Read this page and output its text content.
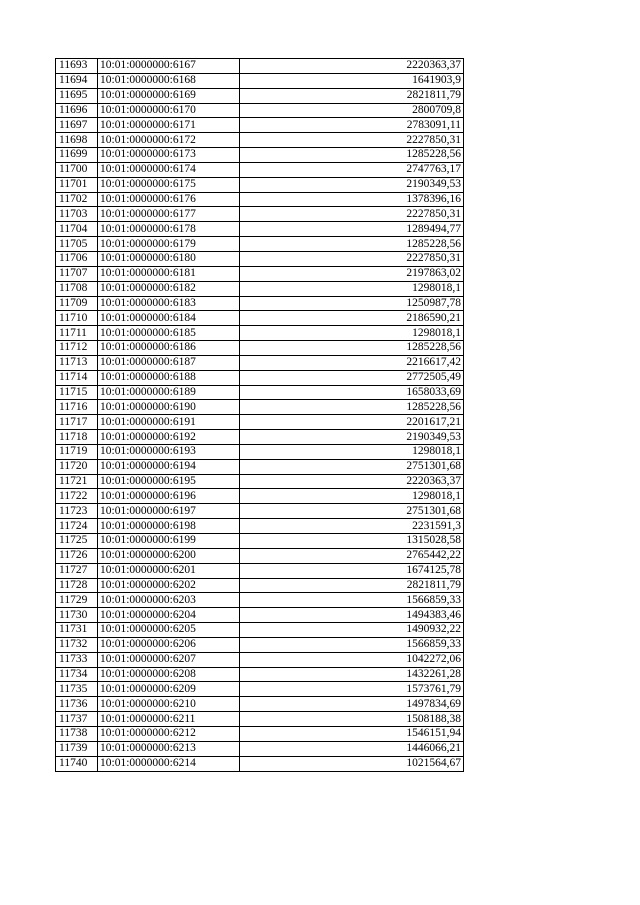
11693	10:01:0000000:6167	2220363,37
11694	10:01:0000000:6168	1641903,9
11695	10:01:0000000:6169	2821811,79
11696	10:01:0000000:6170	2800709,8
11697	10:01:0000000:6171	2783091,11
11698	10:01:0000000:6172	2227850,31
11699	10:01:0000000:6173	1285228,56
11700	10:01:0000000:6174	2747763,17
11701	10:01:0000000:6175	2190349,53
11702	10:01:0000000:6176	1378396,16
11703	10:01:0000000:6177	2227850,31
11704	10:01:0000000:6178	1289494,77
11705	10:01:0000000:6179	1285228,56
11706	10:01:0000000:6180	2227850,31
11707	10:01:0000000:6181	2197863,02
11708	10:01:0000000:6182	1298018,1
11709	10:01:0000000:6183	1250987,78
11710	10:01:0000000:6184	2186590,21
11711	10:01:0000000:6185	1298018,1
11712	10:01:0000000:6186	1285228,56
11713	10:01:0000000:6187	2216617,42
11714	10:01:0000000:6188	2772505,49
11715	10:01:0000000:6189	1658033,69
11716	10:01:0000000:6190	1285228,56
11717	10:01:0000000:6191	2201617,21
11718	10:01:0000000:6192	2190349,53
11719	10:01:0000000:6193	1298018,1
11720	10:01:0000000:6194	2751301,68
11721	10:01:0000000:6195	2220363,37
11722	10:01:0000000:6196	1298018,1
11723	10:01:0000000:6197	2751301,68
11724	10:01:0000000:6198	2231591,3
11725	10:01:0000000:6199	1315028,58
11726	10:01:0000000:6200	2765442,22
11727	10:01:0000000:6201	1674125,78
11728	10:01:0000000:6202	2821811,79
11729	10:01:0000000:6203	1566859,33
11730	10:01:0000000:6204	1494383,46
11731	10:01:0000000:6205	1490932,22
11732	10:01:0000000:6206	1566859,33
11733	10:01:0000000:6207	1042272,06
11734	10:01:0000000:6208	1432261,28
11735	10:01:0000000:6209	1573761,79
11736	10:01:0000000:6210	1497834,69
11737	10:01:0000000:6211	1508188,38
11738	10:01:0000000:6212	1546151,94
11739	10:01:0000000:6213	1446066,21
11740	10:01:0000000:6214	1021564,67
